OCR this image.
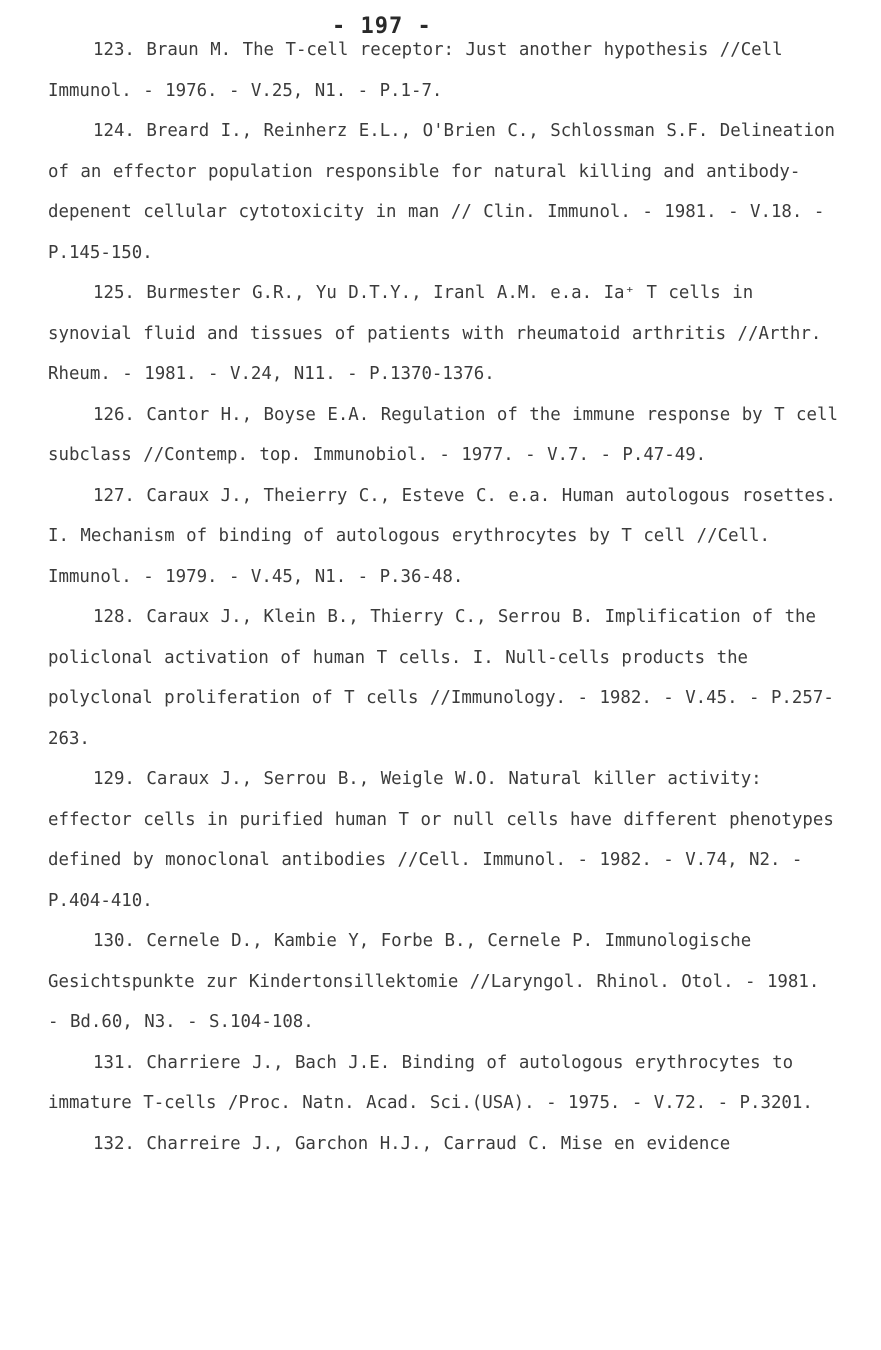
- 197 -

123. Braun M. The T-cell receptor: Just another hypothesis //Cell Immunol. - 1976. - V.25, N1. - P.1-7.

124. Breard I., Reinherz E.L., O'Brien C., Schlossman S.F. Delineation of an effector population responsible for natural killing and antibody-depenent cellular cytotoxicity in man // Clin. Immunol. - 1981. - V.18. - P.145-150.

125. Burmester G.R., Yu D.T.Y., Iranl A.M. e.a. Ia⁺ T cells in synovial fluid and tissues of patients with rheumatoid arthritis //Arthr. Rheum. - 1981. - V.24, N11. - P.1370-1376.

126. Cantor H., Boyse E.A. Regulation of the immune response by T cell subclass //Contemp. top. Immunobiol. - 1977. - V.7. - P.47-49.

127. Caraux J., Theierry C., Esteve C. e.a. Human autologous rosettes. I. Mechanism of binding of autologous erythrocytes by T cell //Cell. Immunol. - 1979. - V.45, N1. - P.36-48.

128. Caraux J., Klein B., Thierry C., Serrou B. Implification of the policlonal activation of human T cells. I. Null-cells products the polyclonal proliferation of T cells //Immunology. - 1982. - V.45. - P.257-263.

129. Caraux J., Serrou B., Weigle W.O. Natural killer activity: effector cells in purified human T or null cells have different phenotypes defined by monoclonal antibodies //Cell. Immunol. - 1982. - V.74, N2. - P.404-410.

130. Cernele D., Kambie Y, Forbe B., Cernele P. Immunologische Gesichtspunkte zur Kindertonsillektomie //Laryngol. Rhinol. Otol. - 1981. - Bd.60, N3. - S.104-108.

131. Charriere J., Bach J.E. Binding of autologous erythrocytes to immature T-cells /Proc. Natn. Acad. Sci.(USA). - 1975. - V.72. - P.3201.

132. Charreire J., Garchon H.J., Carraud C. Mise en evidence
